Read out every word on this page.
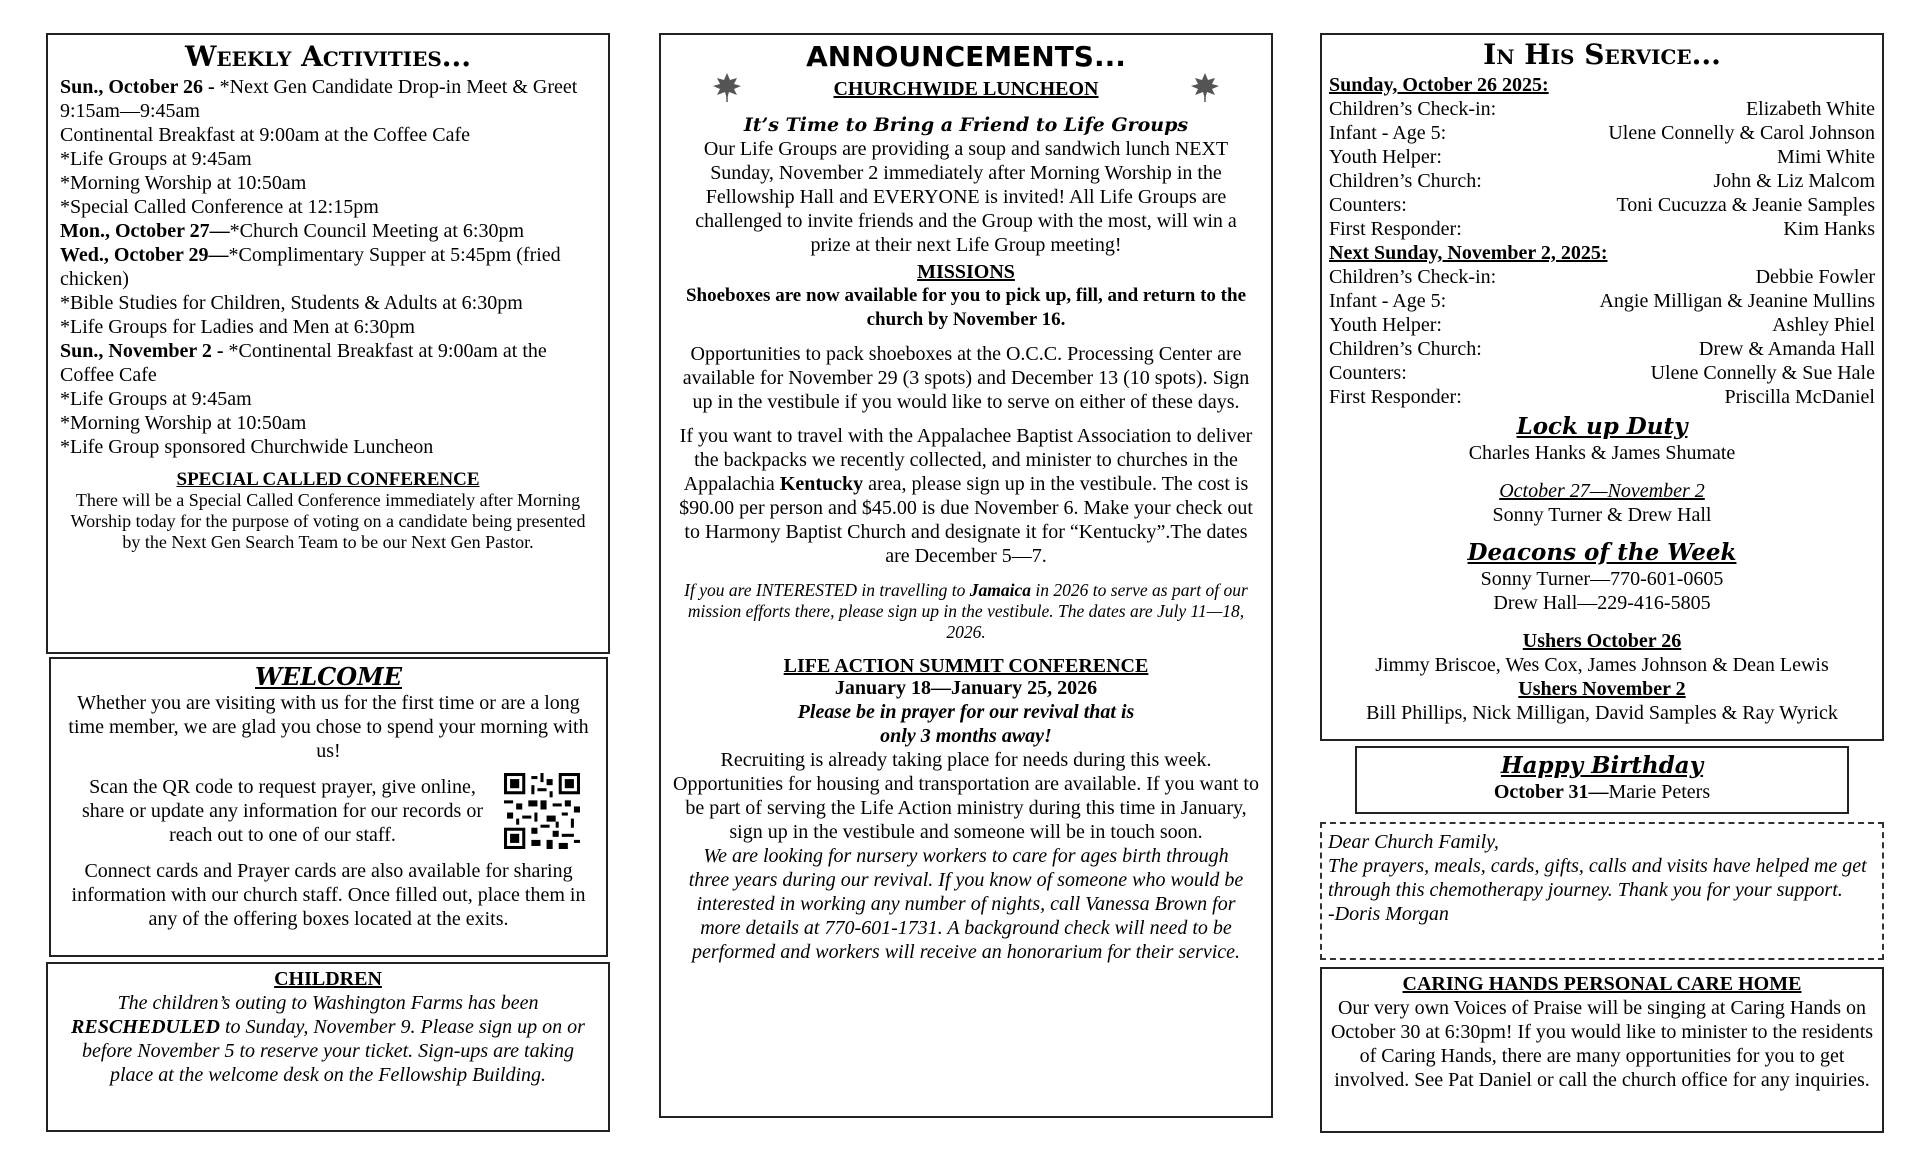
Weekly Activities...

Sun., October 26 - *Next Gen Candidate Drop-in Meet & Greet 9:15am—9:45am

Continental Breakfast at 9:00am at the Coffee Cafe

*Life Groups at 9:45am

*Morning Worship at 10:50am

*Special Called Conference at 12:15pm

Mon., October 27—*Church Council Meeting at 6:30pm

Wed., October 29—*Complimentary Supper at 5:45pm (fried chicken)

*Bible Studies for Children, Students & Adults at 6:30pm

*Life Groups for Ladies and Men at 6:30pm

Sun., November 2 - *Continental Breakfast at 9:00am at the Coffee Cafe

*Life Groups at 9:45am

*Morning Worship at 10:50am

*Life Group sponsored Churchwide Luncheon

SPECIAL CALLED CONFERENCE

There will be a Special Called Conference immediately after Morning Worship today for the purpose of voting on a candidate being presented by the Next Gen Search Team to be our Next Gen Pastor.

WELCOME

Whether you are visiting with us for the first time or are a long time member, we are glad you chose to spend your morning with us!

Scan the QR code to request prayer, give online, share or update any information for our records or reach out to one of our staff.

Connect cards and Prayer cards are also available for sharing information with our church staff. Once filled out, place them in any of the offering boxes located at the exits.

CHILDREN

The children’s outing to Washington Farms has been RESCHEDULED to Sunday, November 9. Please sign up on or before November 5 to reserve your ticket. Sign-ups are taking place at the welcome desk on the Fellowship Building.

ANNOUNCEMENTS...
CHURCHWIDE LUNCHEON
It’s Time to Bring a Friend to Life Groups

Our Life Groups are providing a soup and sandwich lunch NEXT Sunday, November 2 immediately after Morning Worship in the Fellowship Hall and EVERYONE is invited! All Life Groups are challenged to invite friends and the Group with the most, will win a prize at their next Life Group meeting!

MISSIONS

Shoeboxes are now available for you to pick up, fill, and return to the church by November 16.

Opportunities to pack shoeboxes at the O.C.C. Processing Center are available for November 29 (3 spots) and December 13 (10 spots). Sign up in the vestibule if you would like to serve on either of these days.

If you want to travel with the Appalachee Baptist Association to deliver the backpacks we recently collected, and minister to churches in the Appalachia Kentucky area, please sign up in the vestibule. The cost is $90.00 per person and $45.00 is due November 6. Make your check out to Harmony Baptist Church and designate it for “Kentucky”.The dates are December 5—7.

If you are INTERESTED in travelling to Jamaica in 2026 to serve as part of our mission efforts there, please sign up in the vestibule. The dates are July 11—18, 2026.

LIFE ACTION SUMMIT CONFERENCE
January 18—January 25, 2026

Please be in prayer for our revival that is only 3 months away!

Recruiting is already taking place for needs during this week. Opportunities for housing and transportation are available. If you want to be part of serving the Life Action ministry during this time in January, sign up in the vestibule and someone will be in touch soon.

We are looking for nursery workers to care for ages birth through three years during our revival. If you know of someone who would be interested in working any number of nights, call Vanessa Brown for more details at 770-601-1731. A background check will need to be performed and workers will receive an honorarium for their service.

In His Service...
Sunday, October 26 2025:
Children’s Check-in:	Elizabeth White
Infant - Age 5:	Ulene Connelly & Carol Johnson
Youth Helper:	Mimi White
Children’s Church:	John & Liz Malcom
Counters:	Toni Cucuzza & Jeanie Samples
First Responder:	Kim Hanks
Next Sunday, November 2, 2025:
Children’s Check-in:	Debbie Fowler
Infant - Age 5:	Angie Milligan & Jeanine Mullins
Youth Helper:	Ashley Phiel
Children’s Church:	Drew & Amanda Hall
Counters:	Ulene Connelly & Sue Hale
First Responder:	Priscilla McDaniel
Lock up Duty
Charles Hanks & James Shumate
October 27—November 2
Sonny Turner & Drew Hall
Deacons of the Week
Sonny Turner—770-601-0605
Drew Hall—229-416-5805
Ushers October 26
Jimmy Briscoe, Wes Cox, James Johnson & Dean Lewis
Ushers November 2
Bill Phillips, Nick Milligan, David Samples & Ray Wyrick
Happy Birthday
October 31—Marie Peters
Dear Church Family,

The prayers, meals, cards, gifts, calls and visits have helped me get through this chemotherapy journey. Thank you for your support.

-Doris Morgan
CARING HANDS PERSONAL CARE HOME

Our very own Voices of Praise will be singing at Caring Hands on October 30 at 6:30pm! If you would like to minister to the residents of Caring Hands, there are many opportunities for you to get involved. See Pat Daniel or call the church office for any inquiries.
